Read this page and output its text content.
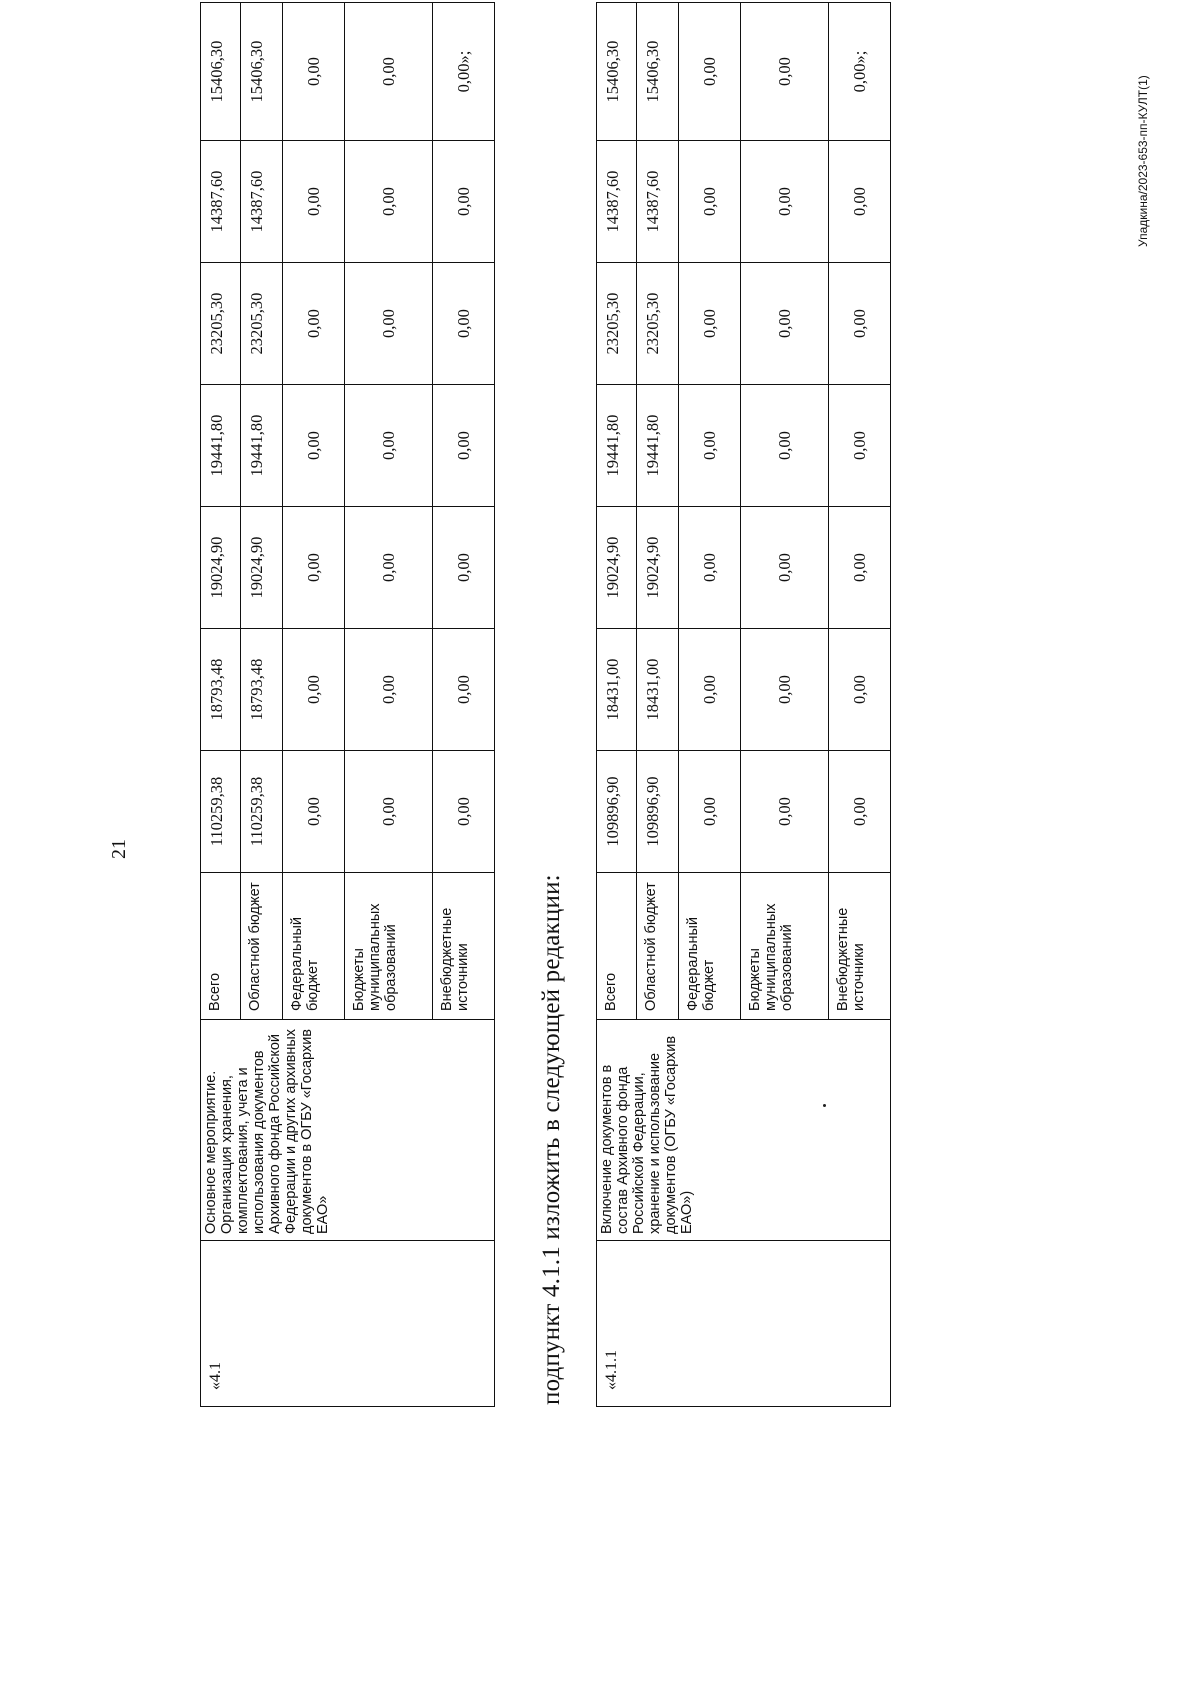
21
«4.1	Основное мероприятие. Организация хранения, комплектования, учета и использования документов Архивного фонда Российской Федерации и других архивных документов в ОГБУ «Госархив ЕАО»	Всего	110259,38	18793,48	19024,90	19441,80	23205,30	14387,60	15406,30
		Областной бюджет	110259,38	18793,48	19024,90	19441,80	23205,30	14387,60	15406,30
		Федеральный бюджет	0,00	0,00	0,00	0,00	0,00	0,00	0,00
		Бюджеты муниципальных образований	0,00	0,00	0,00	0,00	0,00	0,00	0,00
		Внебюджетные источники	0,00	0,00	0,00	0,00	0,00	0,00	0,00»;
подпункт 4.1.1 изложить в следующей редакции: «4.1.1	Включение документов в состав Архивного фонда Российской Федерации, хранение и использование документов (ОГБУ «Госархив ЕАО»)	Всего	109896,90	18431,00	19024,90	19441,80	23205,30	14387,60	15406,30
		Областной бюджет	109896,90	18431,00	19024,90	19441,80	23205,30	14387,60	15406,30
		Федеральный бюджет	0,00	0,00	0,00	0,00	0,00	0,00	0,00
		Бюджеты муниципальных образований	0,00	0,00	0,00	0,00	0,00	0,00	0,00
		Внебюджетные источники	0,00	0,00	0,00	0,00	0,00	0,00	0,00»;
Упадкина/2023-653-пп-КУЛТ(1)
